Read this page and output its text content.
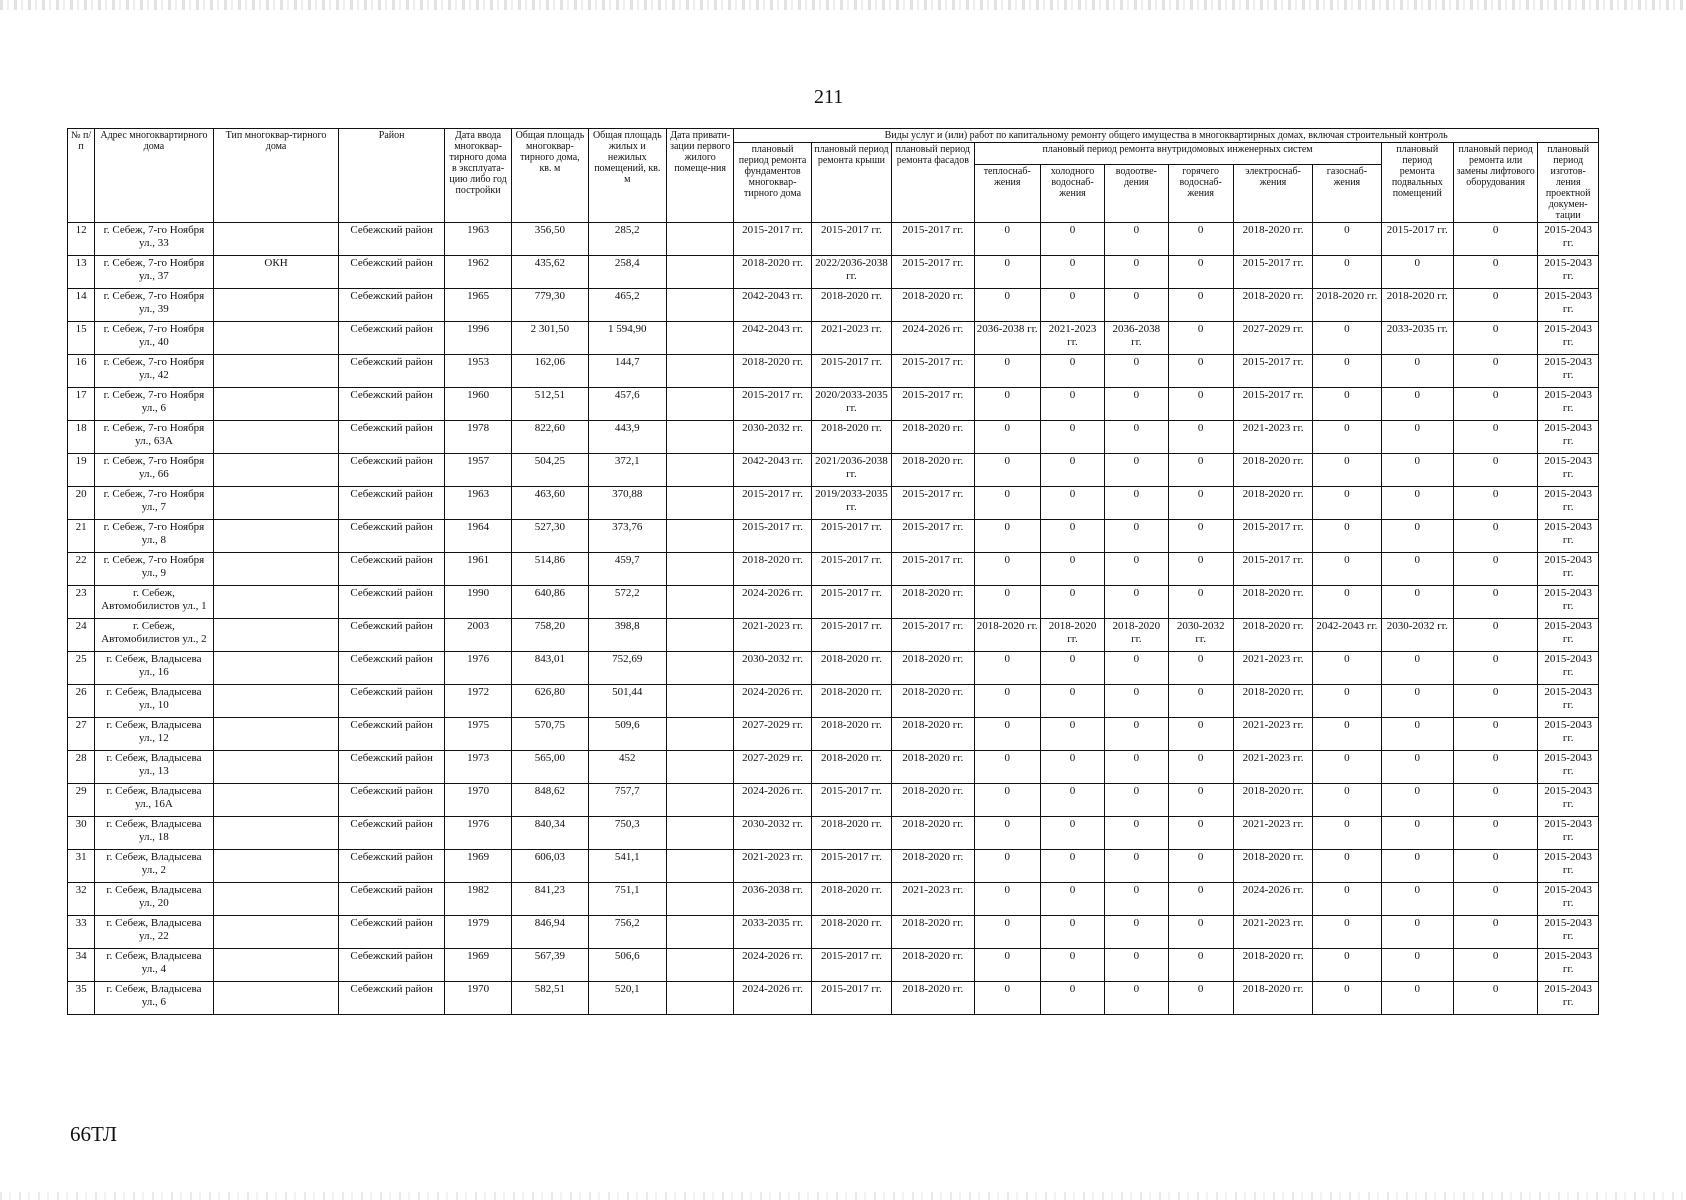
211
№ п/п	Адрес многоквартирного дома	Тип многоквар-тирного дома	Район	Дата ввода многоквар-тирного дома в эксплуата-цию либо год постройки	Общая площадь многоквар-тирного дома, кв. м	Общая площадь жилых и нежилых помещений, кв. м	Дата привати-зации первого жилого помеще-ния	Виды услуг и (или) работ по капитальному ремонту общего имущества в многоквартирных домах, включая строительный контроль											
								плановый период ремонта фундаментов многоквар-тирного дома	плановый период ремонта крыши	плановый период ремонта фасадов	плановый период ремонта внутридомовых инженерных систем						плановый период ремонта подвальных помещений	плановый период ремонта или замены лифтового оборудования	плановый период изготов-ления проектной докумен-тации
											теплоснаб-жения	холодного водоснаб-жения	водоотве-дения	горячего водоснаб-жения	электроснаб-жения	газоснаб-жения			
12	г. Себеж, 7-го Ноября ул., 33		Себежский район	1963	356,50	285,2		2015-2017 гг.	2015-2017 гг.	2015-2017 гг.	0	0	0	0	2018-2020 гг.	0	2015-2017 гг.	0	2015-2043 гг.
13	г. Себеж, 7-го Ноября ул., 37	ОКН	Себежский район	1962	435,62	258,4		2018-2020 гг.	2022/2036-2038 гг.	2015-2017 гг.	0	0	0	0	2015-2017 гг.	0	0	0	2015-2043 гг.
14	г. Себеж, 7-го Ноября ул., 39		Себежский район	1965	779,30	465,2		2042-2043 гг.	2018-2020 гг.	2018-2020 гг.	0	0	0	0	2018-2020 гг.	2018-2020 гг.	2018-2020 гг.	0	2015-2043 гг.
15	г. Себеж, 7-го Ноября ул., 40		Себежский район	1996	2 301,50	1 594,90		2042-2043 гг.	2021-2023 гг.	2024-2026 гг.	2036-2038 гг.	2021-2023 гг.	2036-2038 гг.	0	2027-2029 гг.	0	2033-2035 гг.	0	2015-2043 гг.
16	г. Себеж, 7-го Ноября ул., 42		Себежский район	1953	162,06	144,7		2018-2020 гг.	2015-2017 гг.	2015-2017 гг.	0	0	0	0	2015-2017 гг.	0	0	0	2015-2043 гг.
17	г. Себеж, 7-го Ноября ул., 6		Себежский район	1960	512,51	457,6		2015-2017 гг.	2020/2033-2035 гг.	2015-2017 гг.	0	0	0	0	2015-2017 гг.	0	0	0	2015-2043 гг.
18	г. Себеж, 7-го Ноября ул., 63А		Себежский район	1978	822,60	443,9		2030-2032 гг.	2018-2020 гг.	2018-2020 гг.	0	0	0	0	2021-2023 гг.	0	0	0	2015-2043 гг.
19	г. Себеж, 7-го Ноября ул., 66		Себежский район	1957	504,25	372,1		2042-2043 гг.	2021/2036-2038 гг.	2018-2020 гг.	0	0	0	0	2018-2020 гг.	0	0	0	2015-2043 гг.
20	г. Себеж, 7-го Ноября ул., 7		Себежский район	1963	463,60	370,88		2015-2017 гг.	2019/2033-2035 гг.	2015-2017 гг.	0	0	0	0	2018-2020 гг.	0	0	0	2015-2043 гг.
21	г. Себеж, 7-го Ноября ул., 8		Себежский район	1964	527,30	373,76		2015-2017 гг.	2015-2017 гг.	2015-2017 гг.	0	0	0	0	2015-2017 гг.	0	0	0	2015-2043 гг.
22	г. Себеж, 7-го Ноября ул., 9		Себежский район	1961	514,86	459,7		2018-2020 гг.	2015-2017 гг.	2015-2017 гг.	0	0	0	0	2015-2017 гг.	0	0	0	2015-2043 гг.
23	г. Себеж, Автомобилистов ул., 1		Себежский район	1990	640,86	572,2		2024-2026 гг.	2015-2017 гг.	2018-2020 гг.	0	0	0	0	2018-2020 гг.	0	0	0	2015-2043 гг.
24	г. Себеж, Автомобилистов ул., 2		Себежский район	2003	758,20	398,8		2021-2023 гг.	2015-2017 гг.	2015-2017 гг.	2018-2020 гг.	2018-2020 гг.	2018-2020 гг.	2030-2032 гг.	2018-2020 гг.	2042-2043 гг.	2030-2032 гг.	0	2015-2043 гг.
25	г. Себеж, Владысева ул., 16		Себежский район	1976	843,01	752,69		2030-2032 гг.	2018-2020 гг.	2018-2020 гг.	0	0	0	0	2021-2023 гг.	0	0	0	2015-2043 гг.
26	г. Себеж, Владысева ул., 10		Себежский район	1972	626,80	501,44		2024-2026 гг.	2018-2020 гг.	2018-2020 гг.	0	0	0	0	2018-2020 гг.	0	0	0	2015-2043 гг.
27	г. Себеж, Владысева ул., 12		Себежский район	1975	570,75	509,6		2027-2029 гг.	2018-2020 гг.	2018-2020 гг.	0	0	0	0	2021-2023 гг.	0	0	0	2015-2043 гг.
28	г. Себеж, Владысева ул., 13		Себежский район	1973	565,00	452		2027-2029 гг.	2018-2020 гг.	2018-2020 гг.	0	0	0	0	2021-2023 гг.	0	0	0	2015-2043 гг.
29	г. Себеж, Владысева ул., 16А		Себежский район	1970	848,62	757,7		2024-2026 гг.	2015-2017 гг.	2018-2020 гг.	0	0	0	0	2018-2020 гг.	0	0	0	2015-2043 гг.
30	г. Себеж, Владысева ул., 18		Себежский район	1976	840,34	750,3		2030-2032 гг.	2018-2020 гг.	2018-2020 гг.	0	0	0	0	2021-2023 гг.	0	0	0	2015-2043 гг.
31	г. Себеж, Владысева ул., 2		Себежский район	1969	606,03	541,1		2021-2023 гг.	2015-2017 гг.	2018-2020 гг.	0	0	0	0	2018-2020 гг.	0	0	0	2015-2043 гг.
32	г. Себеж, Владысева ул., 20		Себежский район	1982	841,23	751,1		2036-2038 гг.	2018-2020 гг.	2021-2023 гг.	0	0	0	0	2024-2026 гг.	0	0	0	2015-2043 гг.
33	г. Себеж, Владысева ул., 22		Себежский район	1979	846,94	756,2		2033-2035 гг.	2018-2020 гг.	2018-2020 гг.	0	0	0	0	2021-2023 гг.	0	0	0	2015-2043 гг.
34	г. Себеж, Владысева ул., 4		Себежский район	1969	567,39	506,6		2024-2026 гг.	2015-2017 гг.	2018-2020 гг.	0	0	0	0	2018-2020 гг.	0	0	0	2015-2043 гг.
35	г. Себеж, Владысева ул., 6		Себежский район	1970	582,51	520,1		2024-2026 гг.	2015-2017 гг.	2018-2020 гг.	0	0	0	0	2018-2020 гг.	0	0	0	2015-2043 гг.
66ТЛ
